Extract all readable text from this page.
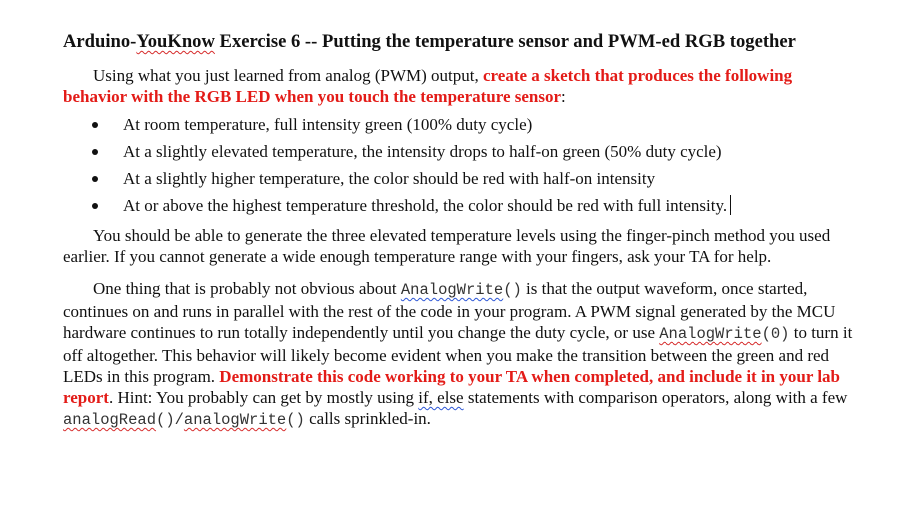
Arduino-YouKnow Exercise 6 -- Putting the temperature sensor and PWM-ed RGB together

Using what you just learned from analog (PWM) output, create a sketch that produces the following behavior with the RGB LED when you touch the temperature sensor:

At room temperature, full intensity green (100% duty cycle)
At a slightly elevated temperature, the intensity drops to half-on green (50% duty cycle)
At a slightly higher temperature, the color should be red with half-on intensity
At or above the highest temperature threshold, the color should be red with full intensity.

You should be able to generate the three elevated temperature levels using the finger-pinch method you used earlier. If you cannot generate a wide enough temperature range with your fingers, ask your TA for help.

One thing that is probably not obvious about AnalogWrite() is that the output waveform, once started, continues on and runs in parallel with the rest of the code in your program. A PWM signal generated by the MCU hardware continues to run totally independently until you change the duty cycle, or use AnalogWrite(0) to turn it off altogether. This behavior will likely become evident when you make the transition between the green and red LEDs in this program. Demonstrate this code working to your TA when completed, and include it in your lab report. Hint: You probably can get by mostly using if, else statements with comparison operators, along with a few analogRead()/analogWrite() calls sprinkled-in.
